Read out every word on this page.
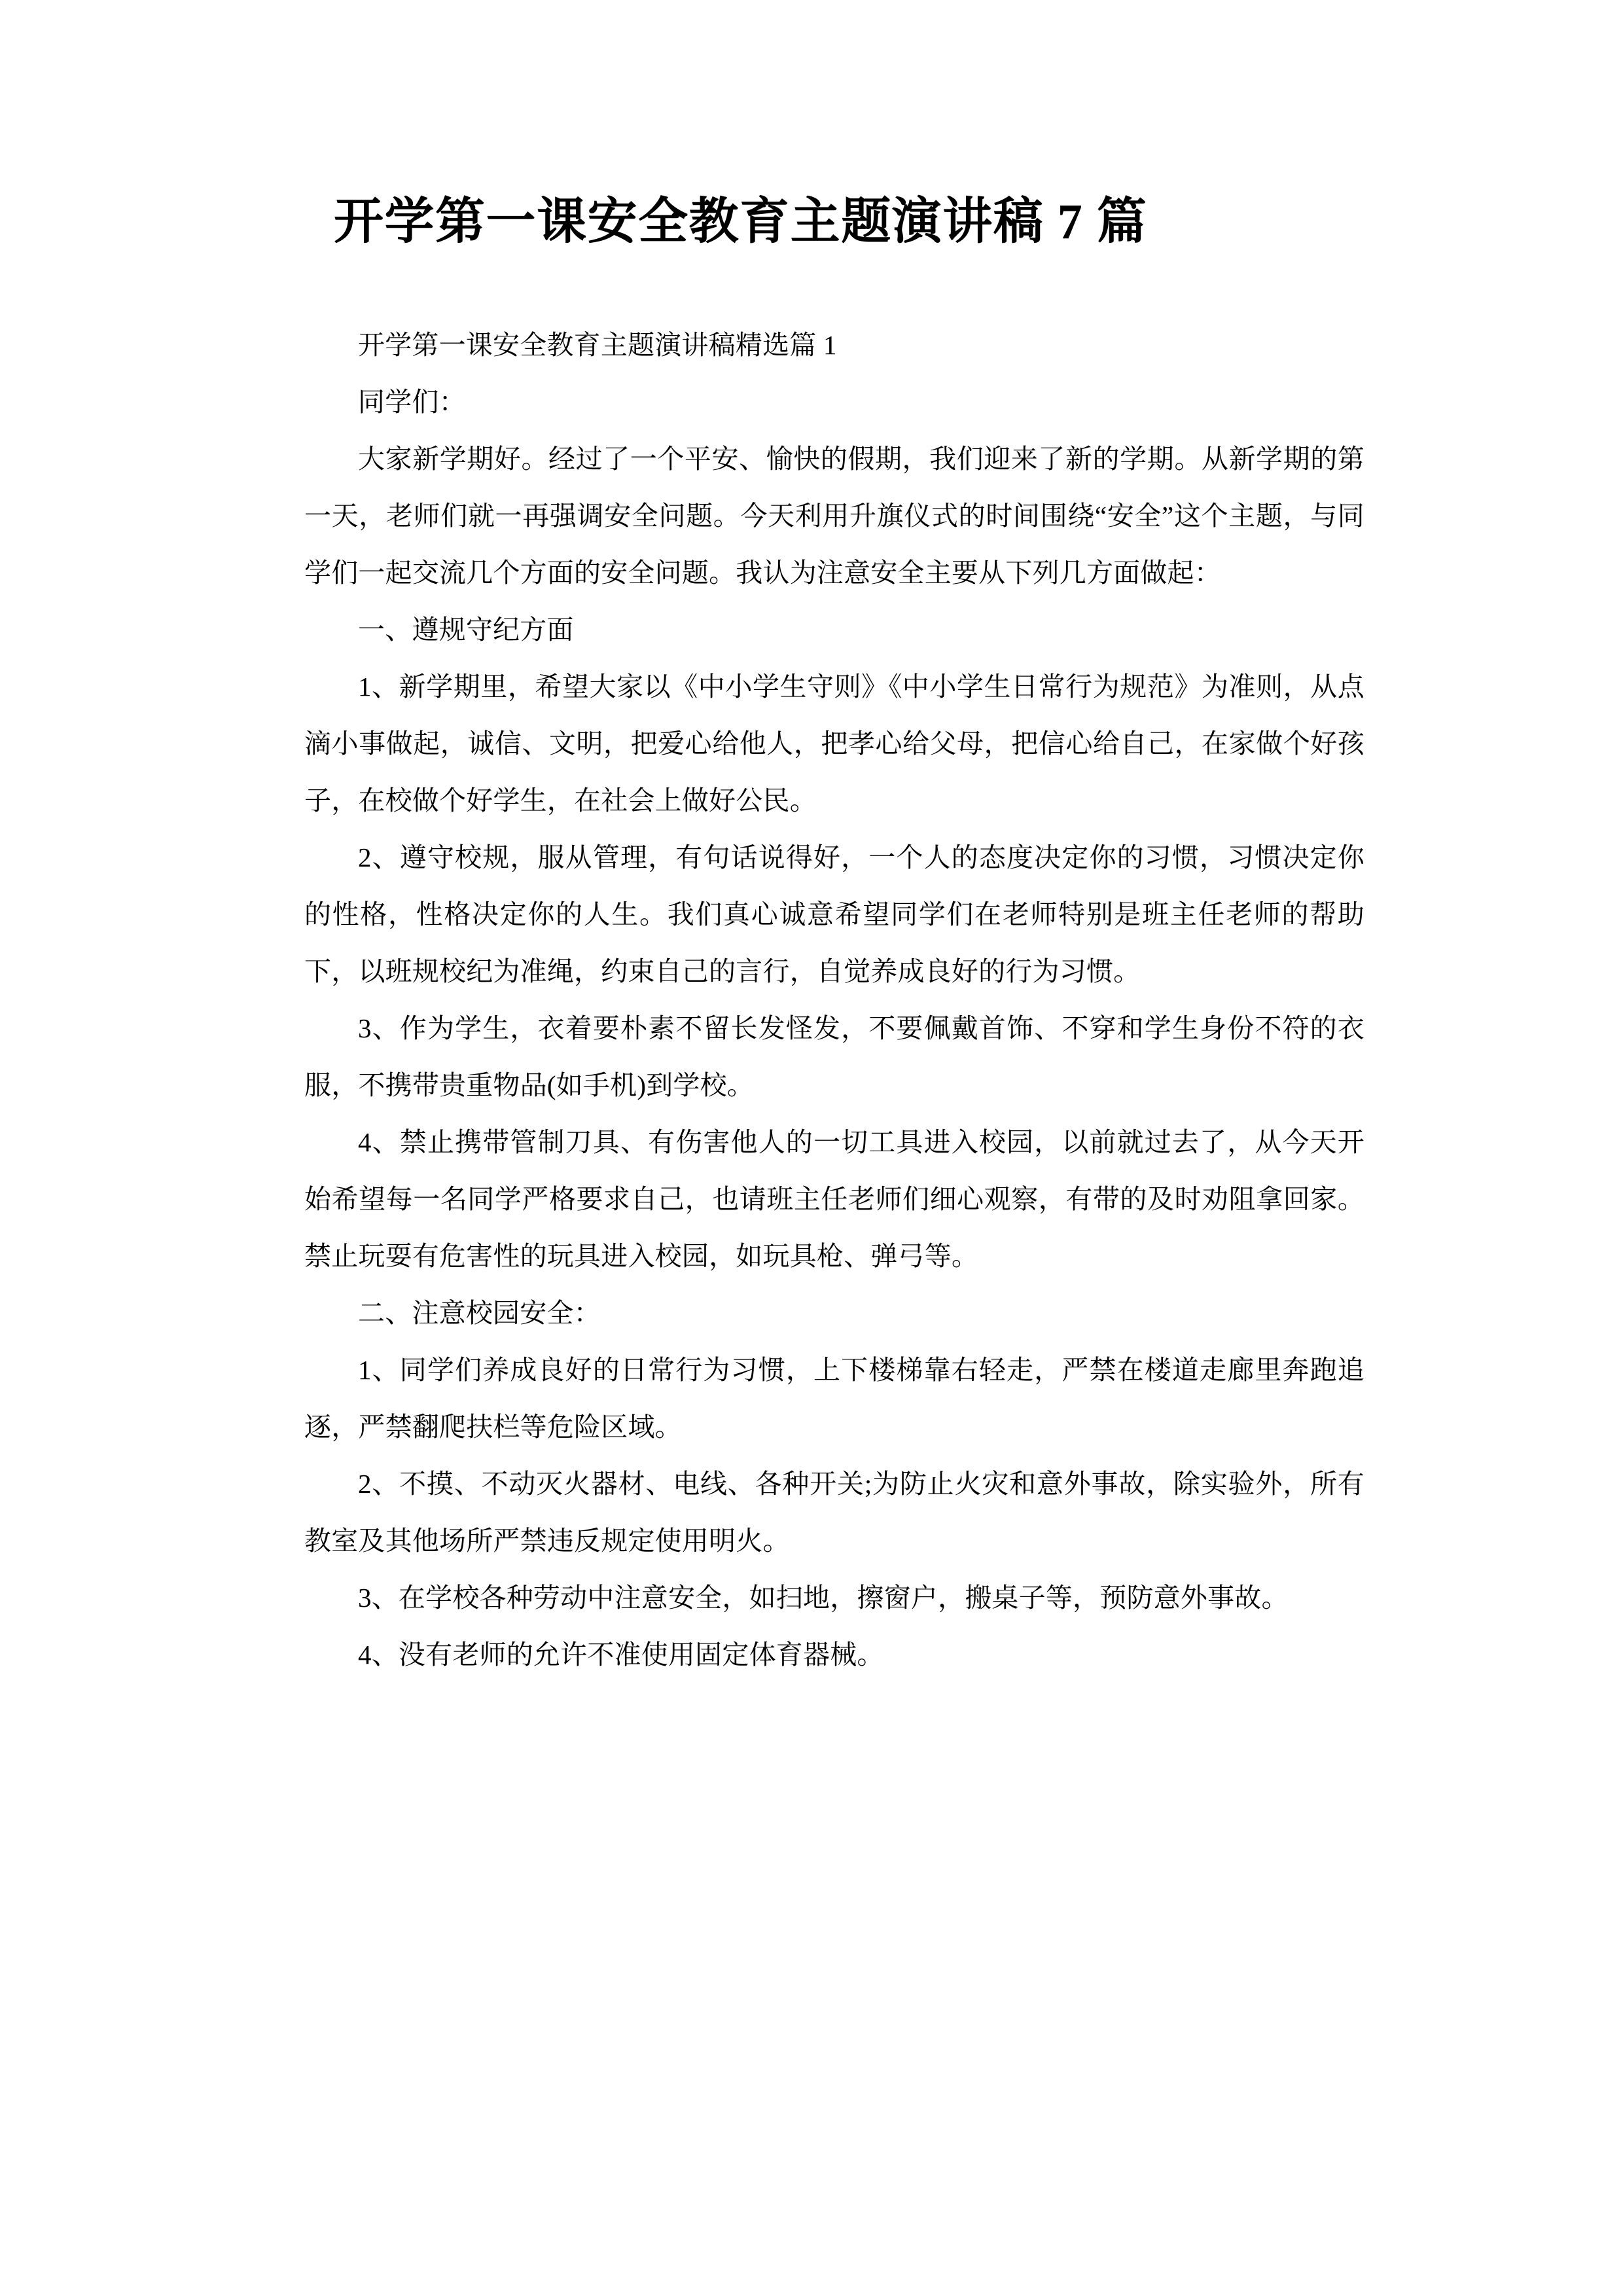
开学第一课安全教育主题演讲稿 7 篇

开学第一课安全教育主题演讲稿精选篇 1

同学们：

大家新学期好。经过了一个平安、愉快的假期，我们迎来了新的学期。从新学期的第一天，老师们就一再强调安全问题。今天利用升旗仪式的时间围绕“安全”这个主题，与同学们一起交流几个方面的安全问题。我认为注意安全主要从下列几方面做起：

一、遵规守纪方面

1、新学期里，希望大家以《中小学生守则》《中小学生日常行为规范》为准则，从点滴小事做起，诚信、文明，把爱心给他人，把孝心给父母，把信心给自己，在家做个好孩子，在校做个好学生，在社会上做好公民。

2、遵守校规，服从管理，有句话说得好，一个人的态度决定你的习惯，习惯决定你的性格，性格决定你的人生。我们真心诚意希望同学们在老师特别是班主任老师的帮助下，以班规校纪为准绳，约束自己的言行，自觉养成良好的行为习惯。

3、作为学生，衣着要朴素不留长发怪发，不要佩戴首饰、不穿和学生身份不符的衣服，不携带贵重物品(如手机)到学校。

4、禁止携带管制刀具、有伤害他人的一切工具进入校园，以前就过去了，从今天开始希望每一名同学严格要求自己，也请班主任老师们细心观察，有带的及时劝阻拿回家。禁止玩耍有危害性的玩具进入校园，如玩具枪、弹弓等。

二、注意校园安全：

1、同学们养成良好的日常行为习惯，上下楼梯靠右轻走，严禁在楼道走廊里奔跑追逐，严禁翻爬扶栏等危险区域。

2、不摸、不动灭火器材、电线、各种开关;为防止火灾和意外事故，除实验外，所有教室及其他场所严禁违反规定使用明火。

3、在学校各种劳动中注意安全，如扫地，擦窗户，搬桌子等，预防意外事故。

4、没有老师的允许不准使用固定体育器械。
